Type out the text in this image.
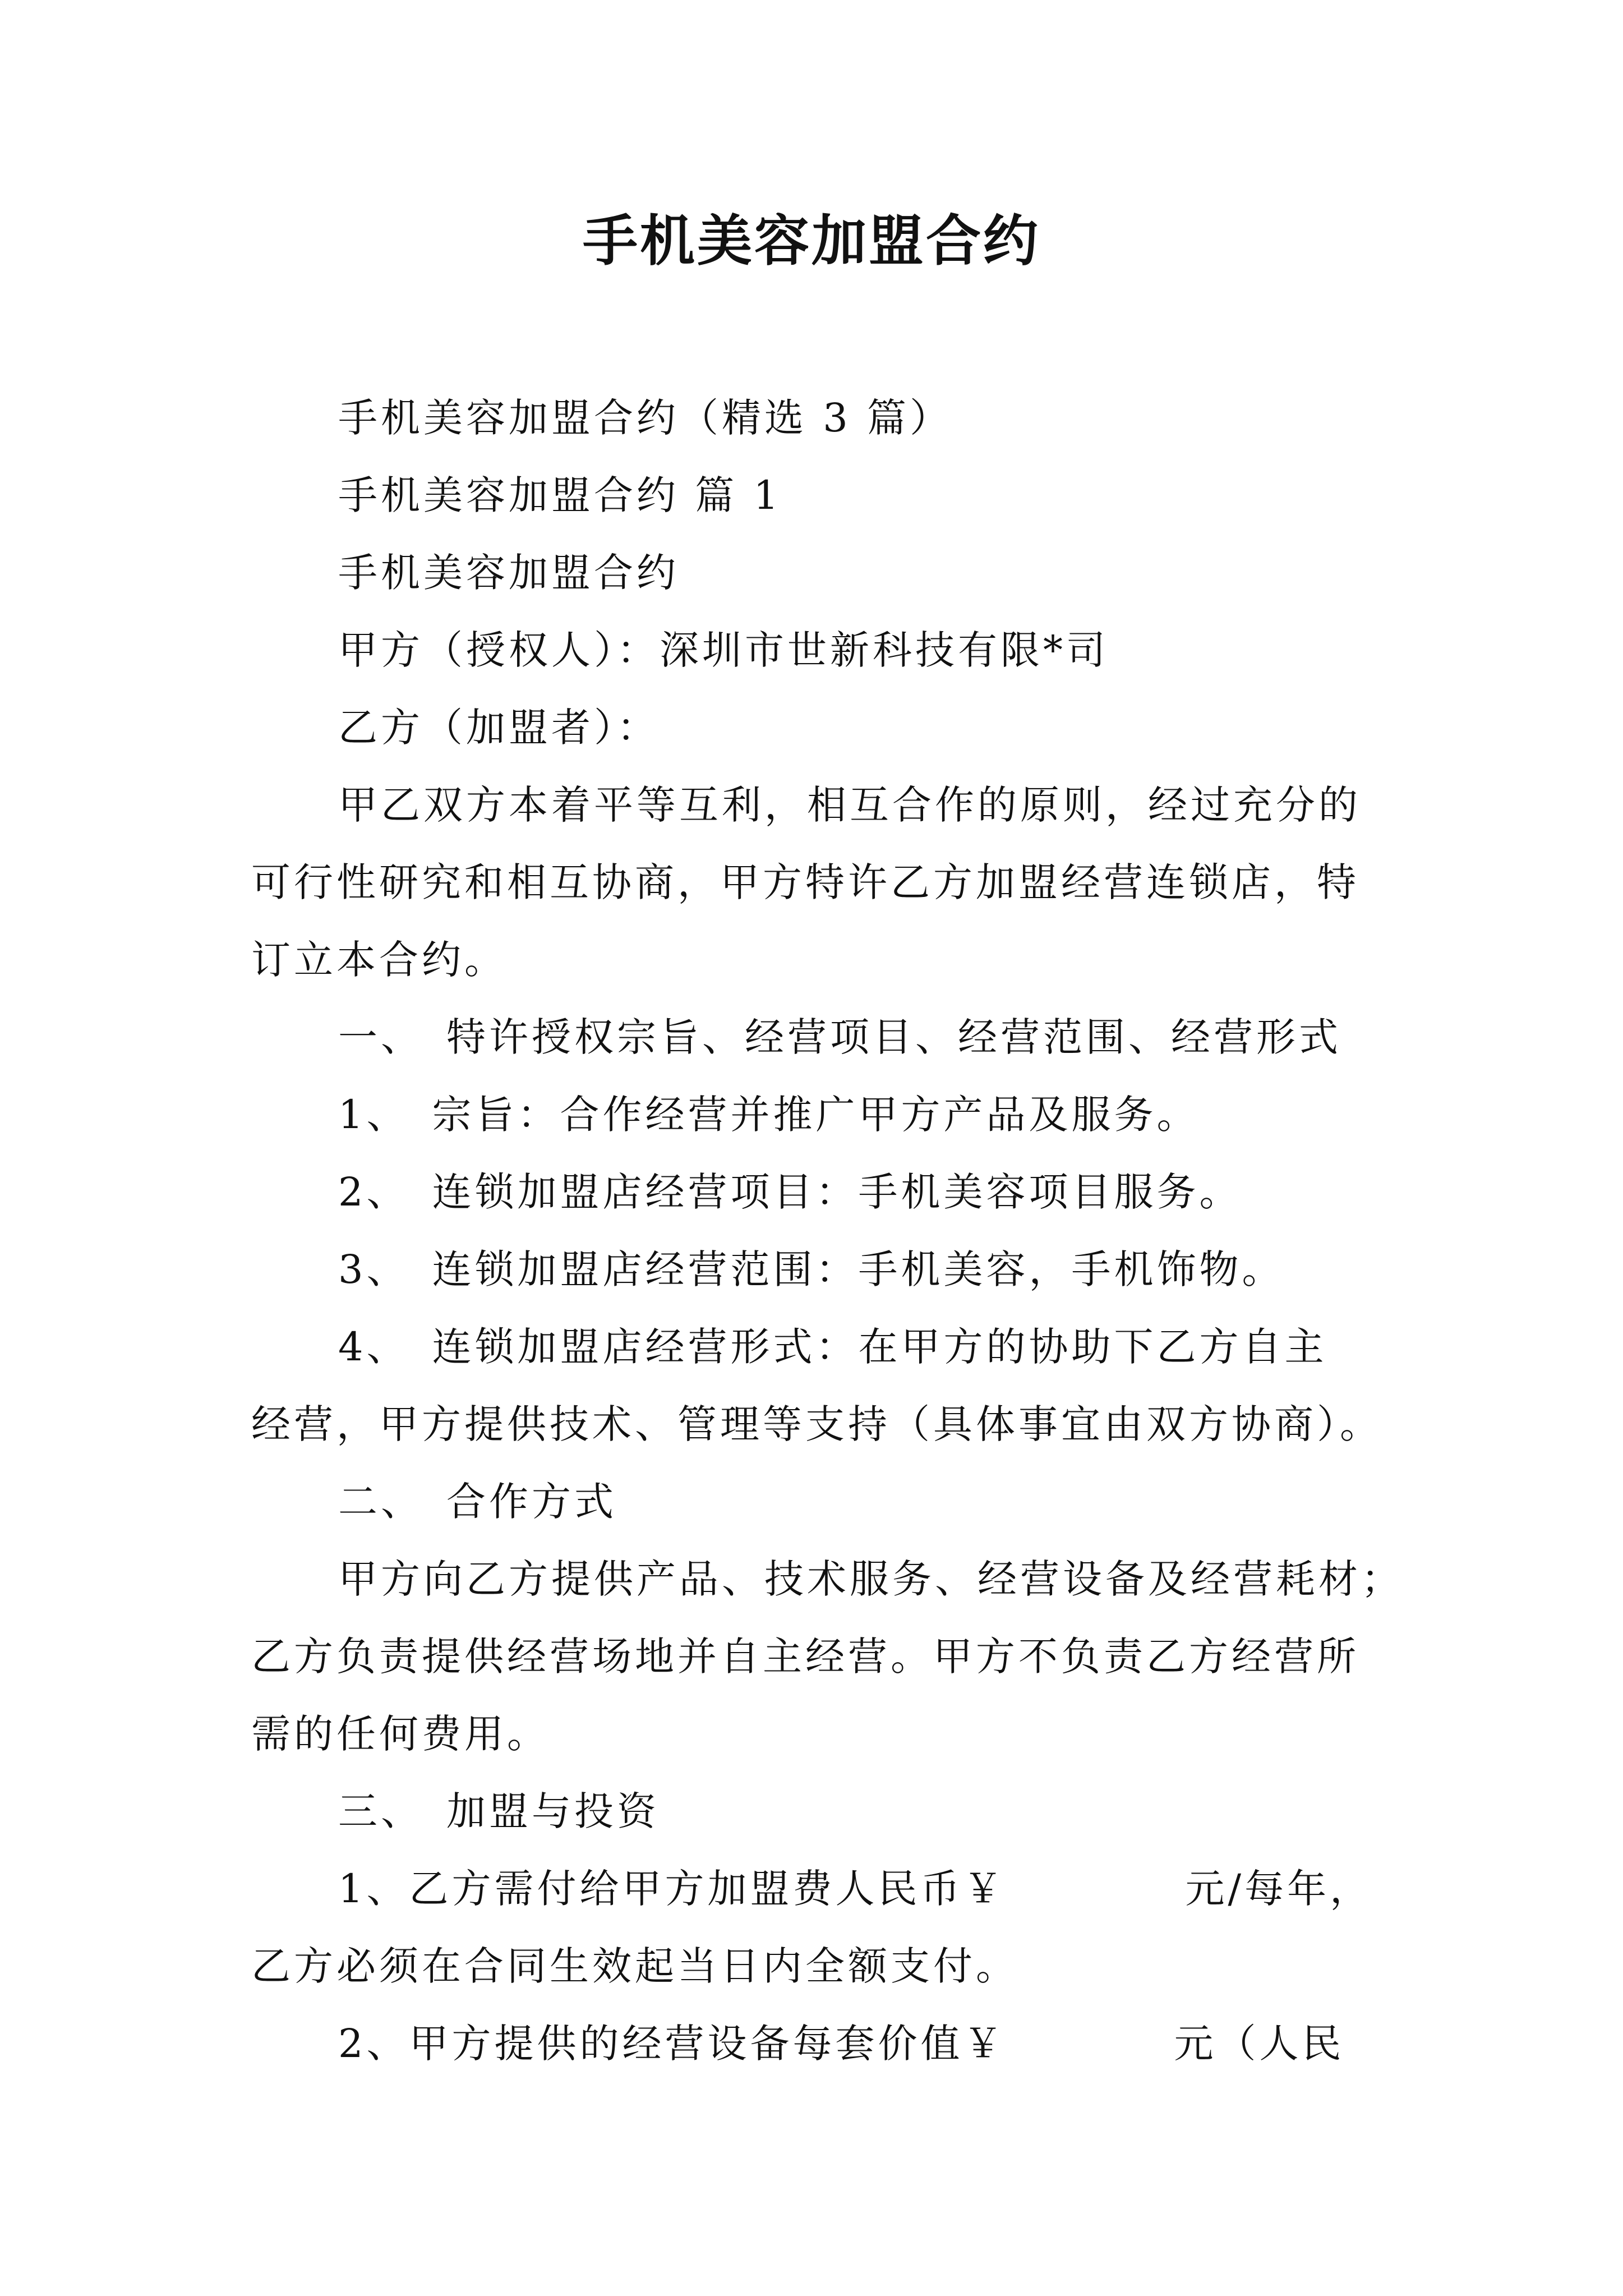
手机美容加盟合约
手机美容加盟合约（精选 3 篇）
手机美容加盟合约 篇 1
手机美容加盟合约
甲方（授权人）：深圳市世新科技有限*司
乙方（加盟者）：
甲乙双方本着平等互利，相互合作的原则，经过充分的
可行性研究和相互协商，甲方特许乙方加盟经营连锁店，特
订立本合约。
一、　特许授权宗旨、经营项目、经营范围、经营形式
1、　宗旨：合作经营并推广甲方产品及服务。
2、　连锁加盟店经营项目：手机美容项目服务。
3、　连锁加盟店经营范围：手机美容，手机饰物。
4、　连锁加盟店经营形式：在甲方的协助下乙方自主
经营，甲方提供技术、管理等支持（具体事宜由双方协商）。
二、　合作方式
甲方向乙方提供产品、技术服务、经营设备及经营耗材；
乙方负责提供经营场地并自主经营。甲方不负责乙方经营所
需的任何费用。
三、　加盟与投资
1、乙方需付给甲方加盟费人民币￥	元/每年，
乙方必须在合同生效起当日内全额支付。
2、甲方提供的经营设备每套价值￥	元（人民
